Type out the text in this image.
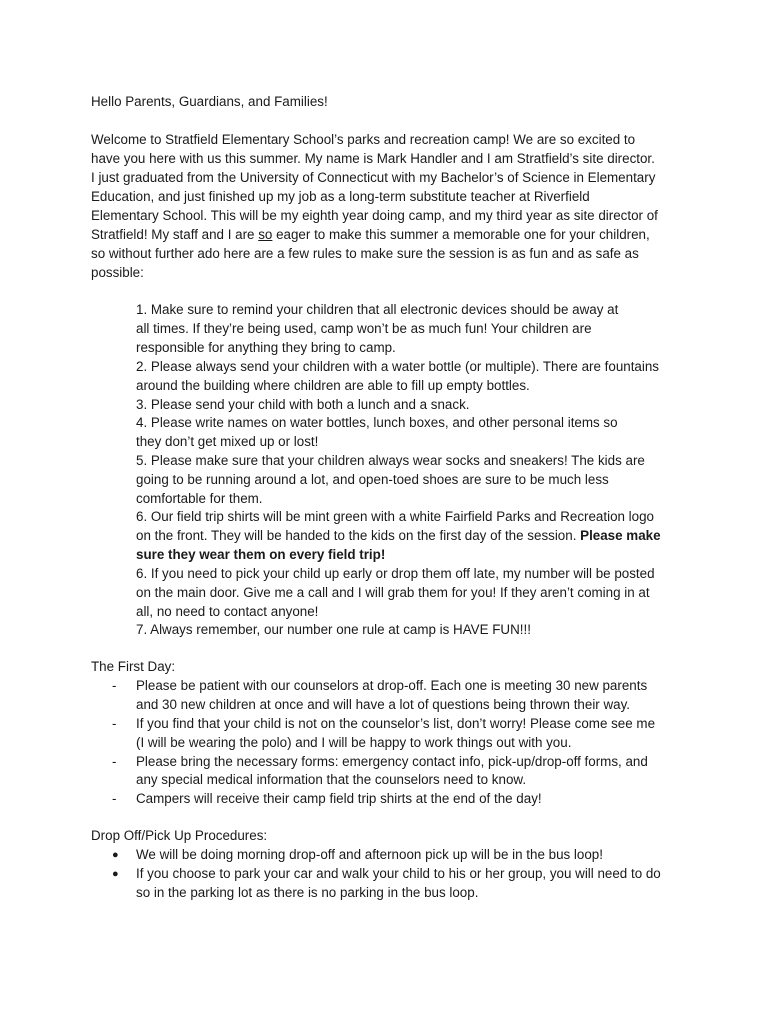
Hello Parents, Guardians, and Families!

Welcome to Stratfield Elementary School’s parks and recreation camp! We are so excited to

have you here with us this summer. My name is Mark Handler and I am Stratfield’s site director.

I just graduated from the University of Connecticut with my Bachelor’s of Science in Elementary

Education, and just finished up my job as a long-term substitute teacher at Riverfield

Elementary School. This will be my eighth year doing camp, and my third year as site director of

Stratfield! My staff and I are so eager to make this summer a memorable one for your children,

so without further ado here are a few rules to make sure the session is as fun and as safe as

possible:

1. Make sure to remind your children that all electronic devices should be away at

all times. If they’re being used, camp won’t be as much fun! Your children are

responsible for anything they bring to camp.

2. Please always send your children with a water bottle (or multiple). There are fountains

around the building where children are able to fill up empty bottles.

3. Please send your child with both a lunch and a snack.

4. Please write names on water bottles, lunch boxes, and other personal items so

they don’t get mixed up or lost!

5. Please make sure that your children always wear socks and sneakers! The kids are

going to be running around a lot, and open-toed shoes are sure to be much less

comfortable for them.

6. Our field trip shirts will be mint green with a white Fairfield Parks and Recreation logo

on the front. They will be handed to the kids on the first day of the session. Please make

sure they wear them on every field trip!

6. If you need to pick your child up early or drop them off late, my number will be posted

on the main door. Give me a call and I will grab them for you! If they aren’t coming in at

all, no need to contact anyone!

7. Always remember, our number one rule at camp is HAVE FUN!!!

The First Day:

-	Please be patient with our counselors at drop-off. Each one is meeting 30 new parents

and 30 new children at once and will have a lot of questions being thrown their way.

-	If you find that your child is not on the counselor’s list, don’t worry! Please come see me

(I will be wearing the polo) and I will be happy to work things out with you.

-	Please bring the necessary forms: emergency contact info, pick-up/drop-off forms, and

any special medical information that the counselors need to know.

-	Campers will receive their camp field trip shirts at the end of the day!

Drop Off/Pick Up Procedures:

●	We will be doing morning drop-off and afternoon pick up will be in the bus loop!

●	If you choose to park your car and walk your child to his or her group, you will need to do

so in the parking lot as there is no parking in the bus loop.
